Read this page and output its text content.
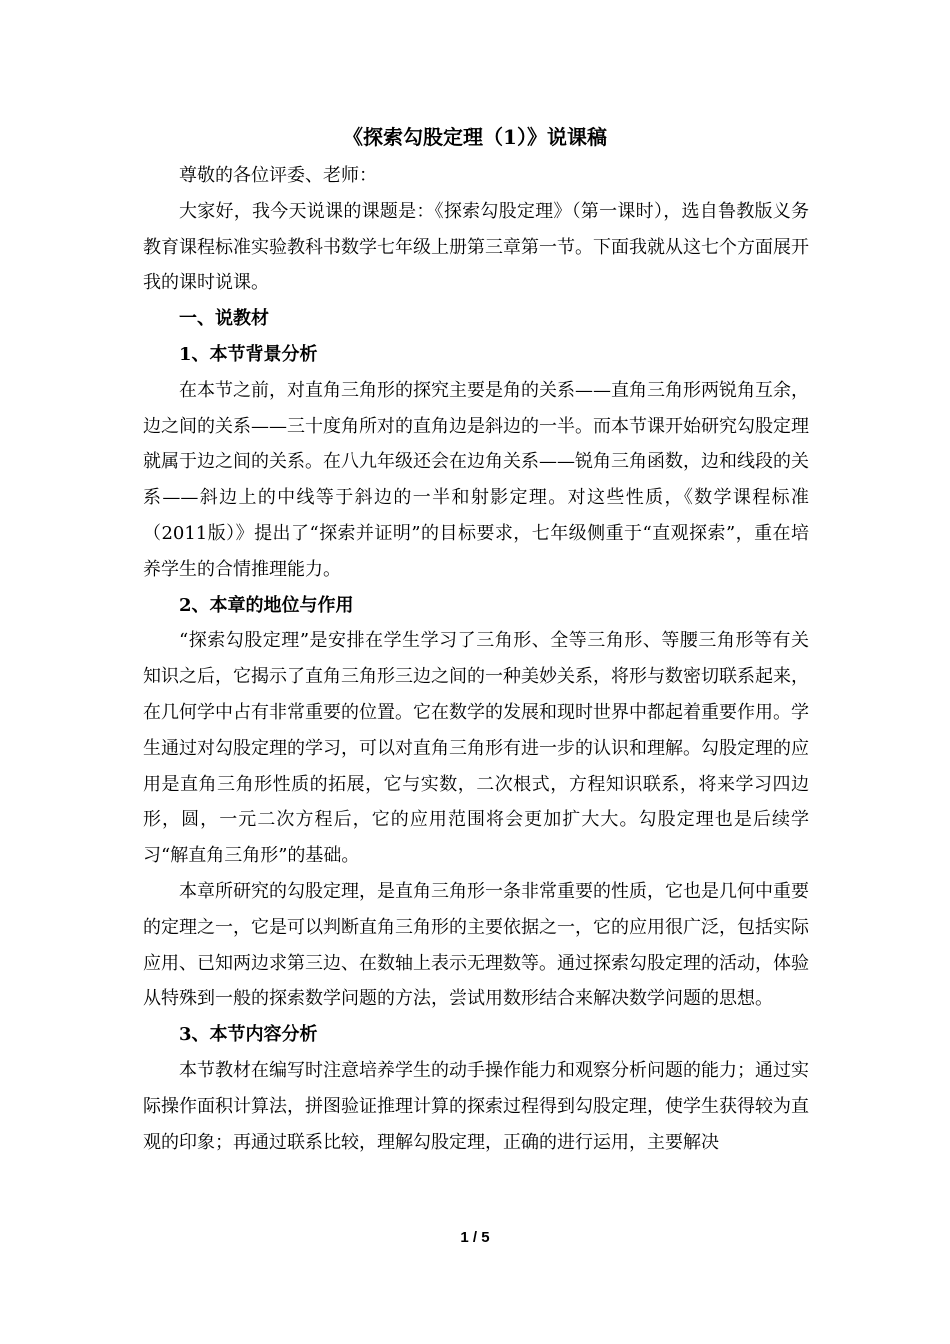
《探索勾股定理（1）》说课稿

尊敬的各位评委、老师：

大家好，我今天说课的课题是：《探索勾股定理》（第一课时），选自鲁教版义务教育课程标准实验教科书数学七年级上册第三章第一节。下面我就从这七个方面展开我的课时说课。

一、说教材

1、本节背景分析

在本节之前，对直角三角形的探究主要是角的关系——直角三角形两锐角互余，边之间的关系——三十度角所对的直角边是斜边的一半。而本节课开始研究勾股定理就属于边之间的关系。在八九年级还会在边角关系——锐角三角函数，边和线段的关系——斜边上的中线等于斜边的一半和射影定理。对这些性质，《数学课程标准（2011版）》提出了“探索并证明”的目标要求，七年级侧重于“直观探索”，重在培养学生的合情推理能力。

2、本章的地位与作用

“探索勾股定理”是安排在学生学习了三角形、全等三角形、等腰三角形等有关知识之后，它揭示了直角三角形三边之间的一种美妙关系，将形与数密切联系起来，在几何学中占有非常重要的位置。它在数学的发展和现时世界中都起着重要作用。学生通过对勾股定理的学习，可以对直角三角形有进一步的认识和理解。勾股定理的应用是直角三角形性质的拓展，它与实数，二次根式，方程知识联系，将来学习四边形，圆，一元二次方程后，它的应用范围将会更加扩大大。勾股定理也是后续学习“解直角三角形”的基础。

本章所研究的勾股定理，是直角三角形一条非常重要的性质，它也是几何中重要的定理之一，它是可以判断直角三角形的主要依据之一，它的应用很广泛，包括实际应用、已知两边求第三边、在数轴上表示无理数等。通过探索勾股定理的活动，体验从特殊到一般的探索数学问题的方法，尝试用数形结合来解决数学问题的思想。

3、本节内容分析

本节教材在编写时注意培养学生的动手操作能力和观察分析问题的能力；通过实际操作面积计算法，拼图验证推理计算的探索过程得到勾股定理，使学生获得较为直观的印象；再通过联系比较，理解勾股定理，正确的进行运用，主要解决

1 / 5
